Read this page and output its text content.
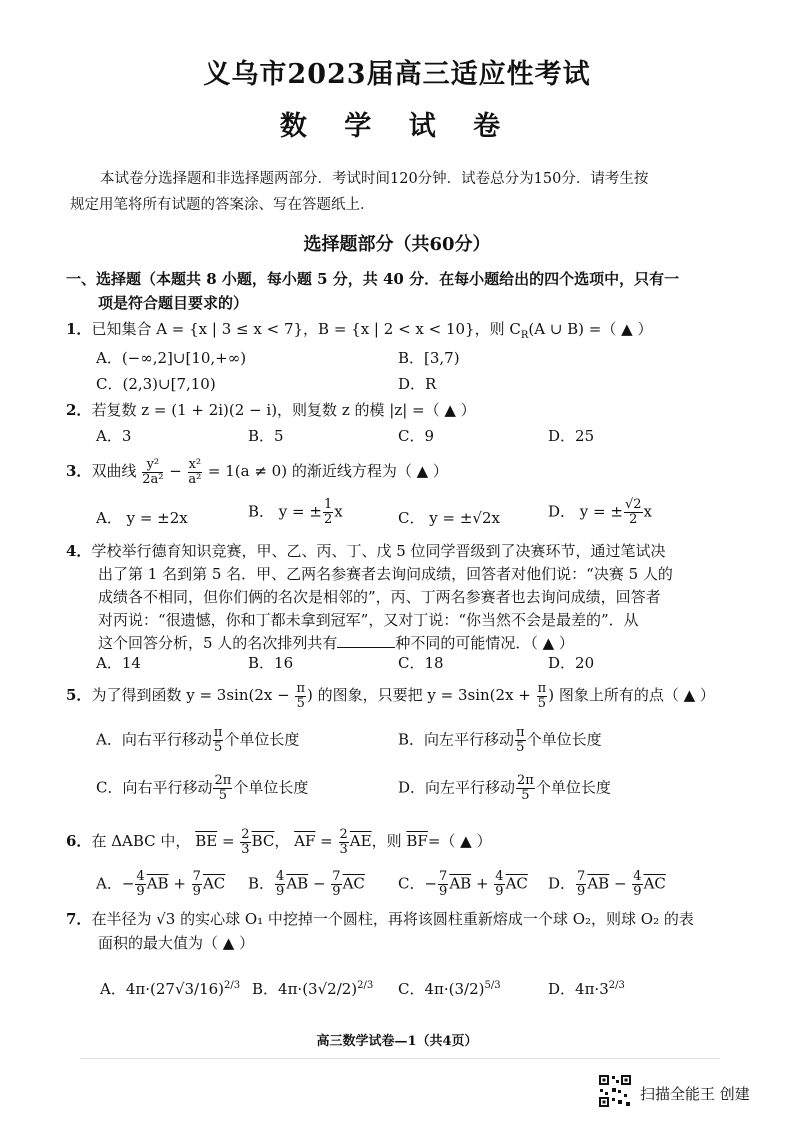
义乌市2023届高三适应性考试
数 学 试 卷
本试卷分选择题和非选择题两部分．考试时间120分钟．试卷总分为150分．请考生按
规定用笔将所有试题的答案涂、写在答题纸上．
选择题部分（共60分）
一、选择题（本题共 8 小题，每小题 5 分，共 40 分．在每小题给出的四个选项中，只有一
项是符合题目要求的）
1．已知集合 A = {x | 3 ≤ x < 7}，B = {x | 2 < x < 10}，则 $C_R(A$ ∪ B) =（ ▲ ）
A．(−∞,2]∪[10,+∞)	B．[3,7)
C．(2,3)∪[7,10)	D．R
2．若复数 z = (1 + 2i)(2 − i)，则复数 z 的模 |z| =（ ▲ ）
A．3	B．5	C．9	D．25
3．双曲线 $\frac{\text{y²}}{\text{2a²}} - \frac{\text{x²}}{\text{a²}} = 1(a \ne 0)$ 的渐近线方程为（ ▲ ）
A． y = ±2x	B． y = ± $\frac{1}{2}$ x	C． y = ±√2x	D． y = ± $\frac{√2}{2}$ x
4．学校举行德育知识竞赛，甲、乙、丙、丁、戊 5 位同学晋级到了决赛环节，通过笔试决
出了第 1 名到第 5 名．甲、乙两名参赛者去询问成绩，回答者对他们说：“决赛 5 人的
成绩各不相同，但你们俩的名次是相邻的”，丙、丁两名参赛者也去询问成绩，回答者
对丙说：“很遗憾，你和丁都未拿到冠军”，又对丁说：“你当然不会是最差的”．从
这个回答分析，5 人的名次排列共有	种不同的可能情况．（ ▲ ）
A．14	B．16	C．18	D．20
5．为了得到函数 $y = 3\sin(2x - \frac{\pi}{5}$ ) 的图象，只要把 $y = 3\sin(2x + \frac{\pi}{5}$ ) 图象上所有的点（ ▲ ）
A．向右平行移动 $\frac{\pi}{5}$ 个单位长度	B．向左平行移动 $\frac{\pi}{5}$ 个单位长度
C．向右平行移动 $\frac{2\pi}{5}$ 个单位长度	D．向左平行移动 $\frac{2\pi}{5}$ 个单位长度
6．在 ΔABC 中， $\overline{BE} = \frac{2}{3} \overline{BC}$， $\overline{AF} = \frac{2}{3} \overline{AE}$，则 $\overline{BF}=$（ ▲ ）
A．− $\frac{4}{9} \overline{AB} + \frac{7}{9} \overline{AC}$ B． $\frac{4}{9} \overline{AB} - \frac{7}{9} \overline{AC}$ C．− $\frac{7}{9} \overline{AB} + \frac{4}{9} \overline{AC}$ D． $\frac{7}{9} \overline{AB} - \frac{4}{9} \overline{AC}$
7．在半径为 √3 的实心球 O₁ 中挖掉一个圆柱，再将该圆柱重新熔成一个球 O₂，则球 O₂ 的表
面积的最大值为（ ▲ ）
A．$4\pi\cdot(27√3/16)^{2/3}$ B．$4\pi\cdot(3√2/2)^{2/3}$ C．$4\pi\cdot(3/2)^{5/3}$	D．$4\pi\cdot 3^{2/3}$
高三数学试卷—1（共4页）
扫描全能王 创建
